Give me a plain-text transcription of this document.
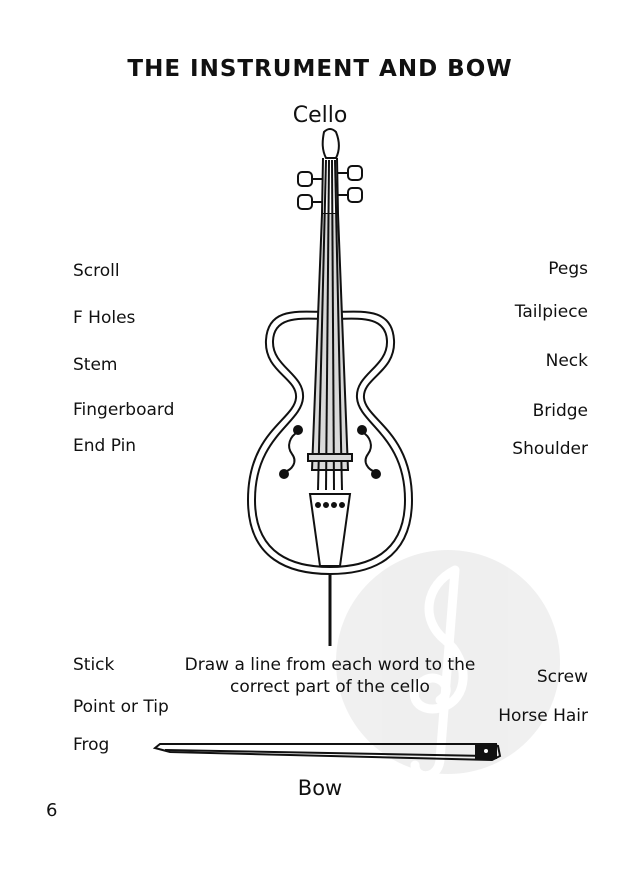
THE INSTRUMENT AND BOW
Cello
Scroll
F Holes
Stem
Fingerboard
End Pin
Pegs
Tailpiece
Neck
Bridge
Shoulder
Draw a line from each word to the correct part of the cello
Stick
Point or Tip
Frog
Screw
Horse Hair
Bow
6
